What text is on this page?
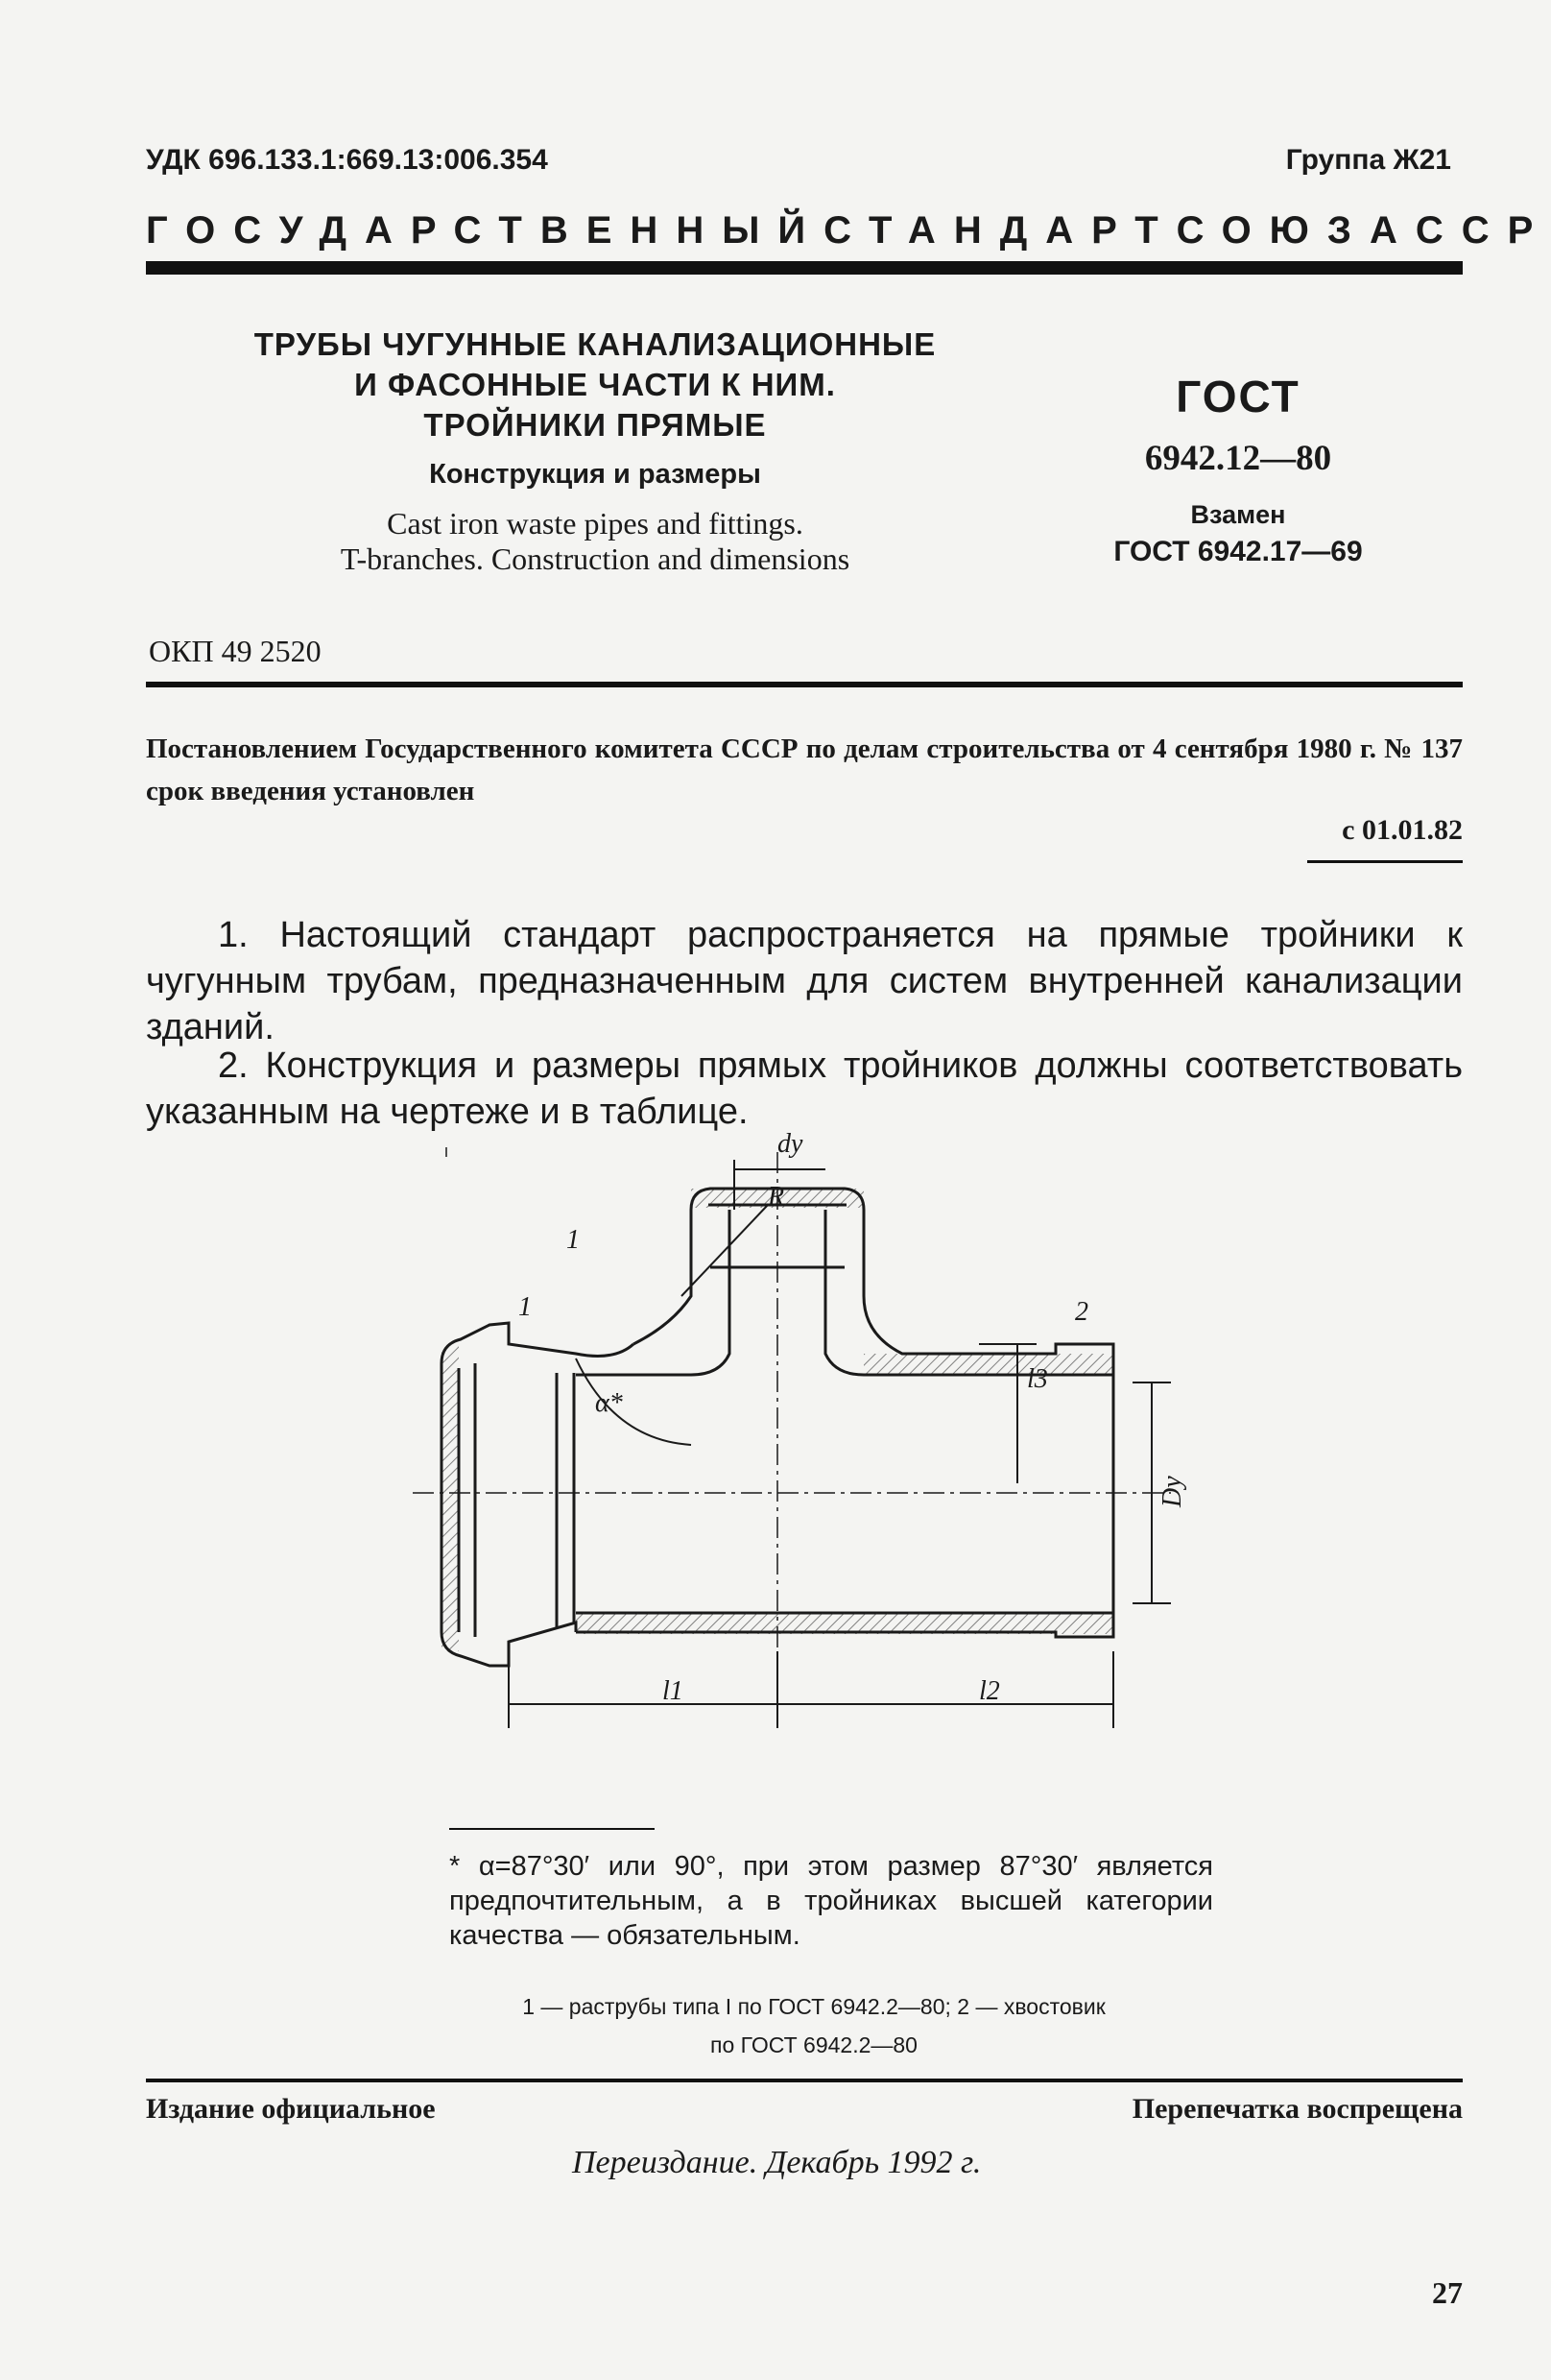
УДК 696.133.1:669.13:006.354	Группа Ж21
ГОСУДАРСТВЕННЫЙ СТАНДАРТ СОЮЗА ССР
ТРУБЫ ЧУГУННЫЕ КАНАЛИЗАЦИОННЫЕ
И ФАСОННЫЕ ЧАСТИ К НИМ.
ТРОЙНИКИ ПРЯМЫЕ
Конструкция и размеры
Cast iron waste pipes and fittings.
T-branches. Construction and dimensions
ГОСТ
6942.12—80
Взамен
ГОСТ 6942.17—69
ОКП 49 2520
Постановлением Государственного комитета СССР по делам строительства от 4 сентября 1980 г. № 137 срок введения установлен
с 01.01.82
1. Настоящий стандарт распространяется на прямые тройники к чугунным трубам, предназначенным для систем внутренней канализации зданий.
2. Конструкция и размеры прямых тройников должны соответствовать указанным на чертеже и в таблице.
dу
Dу
R
l1	l2
l3
1
1	2
α*
* α=87°30′ или 90°, при этом размер 87°30′ является предпочтительным, а в тройниках высшей категории качества — обязательным.
1 — раструбы типа I по ГОСТ 6942.2—80; 2 — хвостовик
по ГОСТ 6942.2—80
Издание официальное	Перепечатка воспрещена
Переиздание. Декабрь 1992 г.
27
